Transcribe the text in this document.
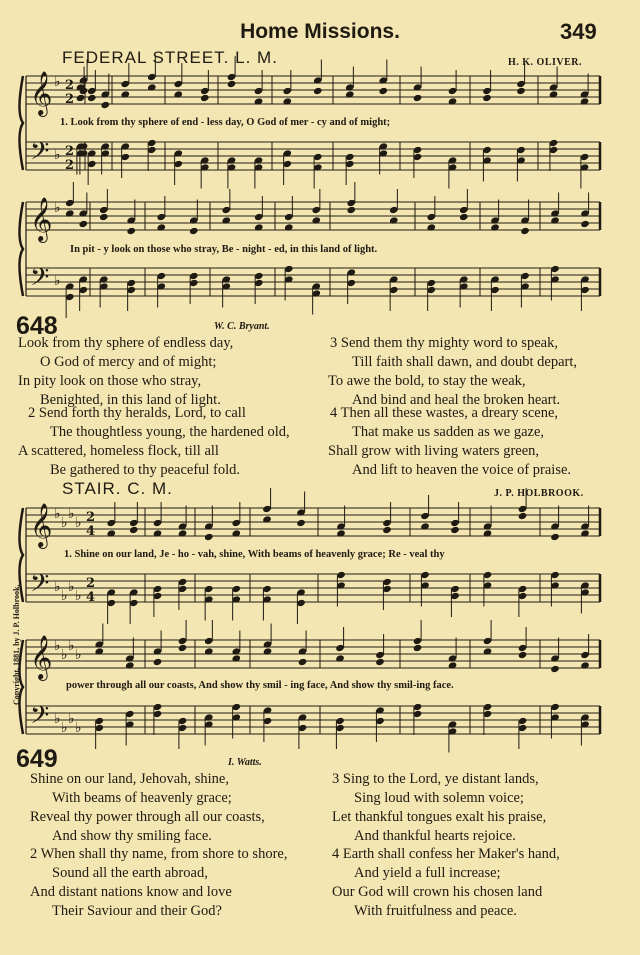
𝄞
𝄢
♭
♭
2
2
2
2
𝄞
𝄢
♭
♭
𝄞
𝄢
♭
♭
♭
♭
♭
♭
♭
♭
2
4
2
4
𝄞
𝄢
♭
♭
♭
♭
♭
♭
♭
♭
Home Missions.	349
FEDERAL STREET. L. M.	H. K. OLIVER.
1. Look from thy sphere of end - less day, O God of mer - cy and of might;
In pit - y look on those who stray, Be - night - ed, in this land of light.
648	W. C. Bryant.
Look from thy sphere of endless day,
O God of mercy and of might;
In pity look on those who stray,
Benighted, in this land of light.
2 Send forth thy heralds, Lord, to call
The thoughtless young, the hardened old,
A scattered, homeless flock, till all
Be gathered to thy peaceful fold.
3 Send them thy mighty word to speak,
Till faith shall dawn, and doubt depart,
To awe the bold, to stay the weak,
And bind and heal the broken heart.
4 Then all these wastes, a dreary scene,
That make us sadden as we gaze,
Shall grow with living waters green,
And lift to heaven the voice of praise.
STAIR. C. M.	J. P. HOLBROOK.
1. Shine on our land, Je - ho - vah, shine, With beams of heavenly grace; Re - veal thy
power through all our coasts, And show thy smil - ing face, And show thy smil-ing face.
Copyright, 1881, by J. P. Holbrook.
649	I. Watts.
Shine on our land, Jehovah, shine,
With beams of heavenly grace;
Reveal thy power through all our coasts,
And show thy smiling face.
2 When shall thy name, from shore to shore,
Sound all the earth abroad,
And distant nations know and love
Their Saviour and their God?
3 Sing to the Lord, ye distant lands,
Sing loud with solemn voice;
Let thankful tongues exalt his praise,
And thankful hearts rejoice.
4 Earth shall confess her Maker's hand,
And yield a full increase;
Our God will crown his chosen land
With fruitfulness and peace.
